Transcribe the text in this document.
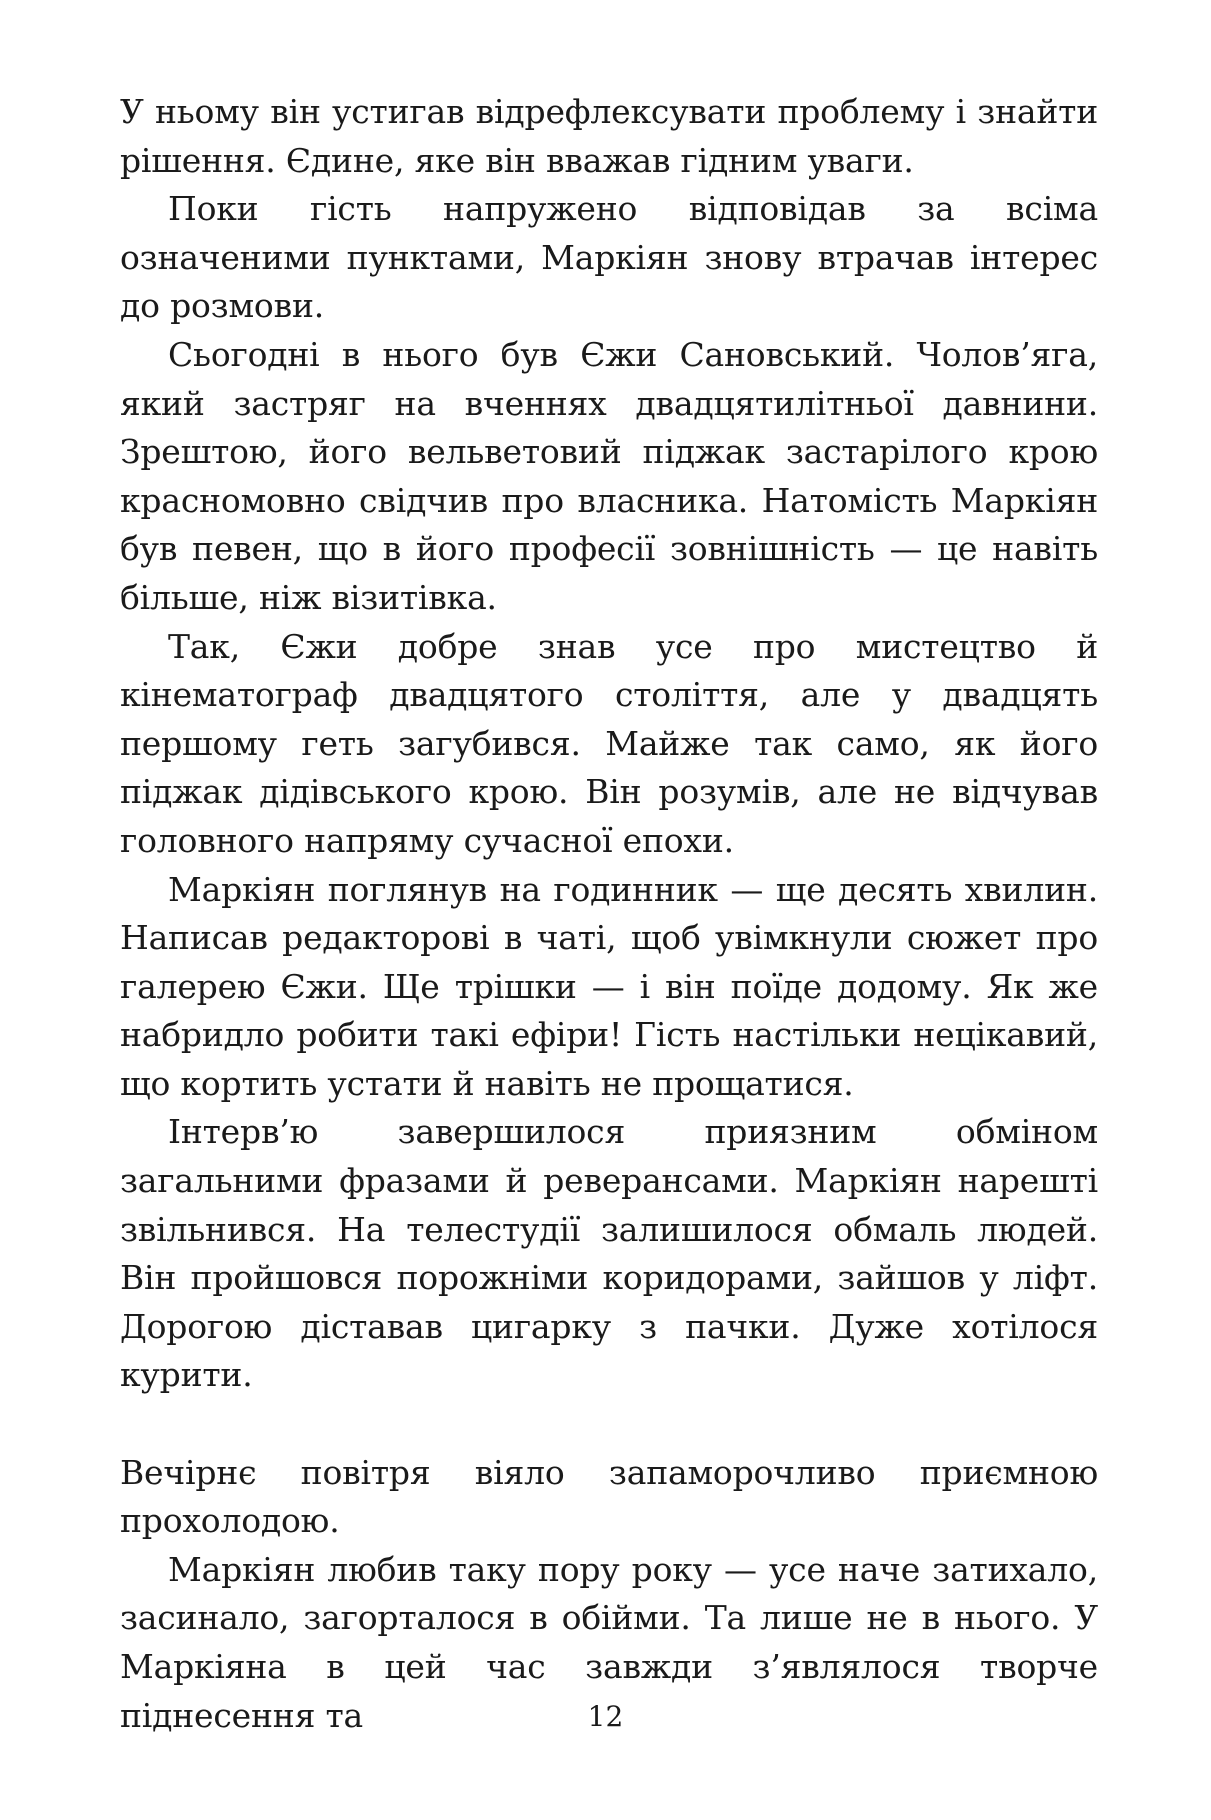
У ньому він устигав відрефлексувати проблему і знайти рішення. Єдине, яке він вважав гідним уваги.

Поки гість напружено відповідав за всіма означеними пунктами, Маркіян знову втрачав інтерес до розмови.

Сьогодні в нього був Єжи Сановський. Чолов’яга, який застряг на вченнях двадцятилітньої давнини. Зрештою, його вельветовий піджак застарілого крою красномовно свідчив про власника. Натомість Маркіян був певен, що в його професії зовнішність — це навіть більше, ніж візитівка.

Так, Єжи добре знав усе про мистецтво й кінематограф двадцятого століття, але у двадцять першому геть загубився. Майже так само, як його піджак дідівського крою. Він розумів, але не відчував головного напряму сучасної епохи.

Маркіян поглянув на годинник — ще десять хвилин. Написав редакторові в чаті, щоб увімкнули сюжет про галерею Єжи. Ще трішки — і він поїде додому. Як же набридло робити такі ефіри! Гість настільки нецікавий, що кортить устати й навіть не прощатися.

Інтерв’ю завершилося приязним обміном загальними фразами й реверансами. Маркіян нарешті звільнився. На телестудії залишилося обмаль людей. Він пройшовся порожніми коридорами, зайшов у ліфт. Дорогою діставав цигарку з пачки. Дуже хотілося курити.

Вечірнє повітря віяло запаморочливо приємною прохолодою.

Маркіян любив таку пору року — усе наче затихало, засинало, загорталося в обійми. Та лише не в нього. У Маркіяна в цей час завжди з’являлося творче піднесення та	12
